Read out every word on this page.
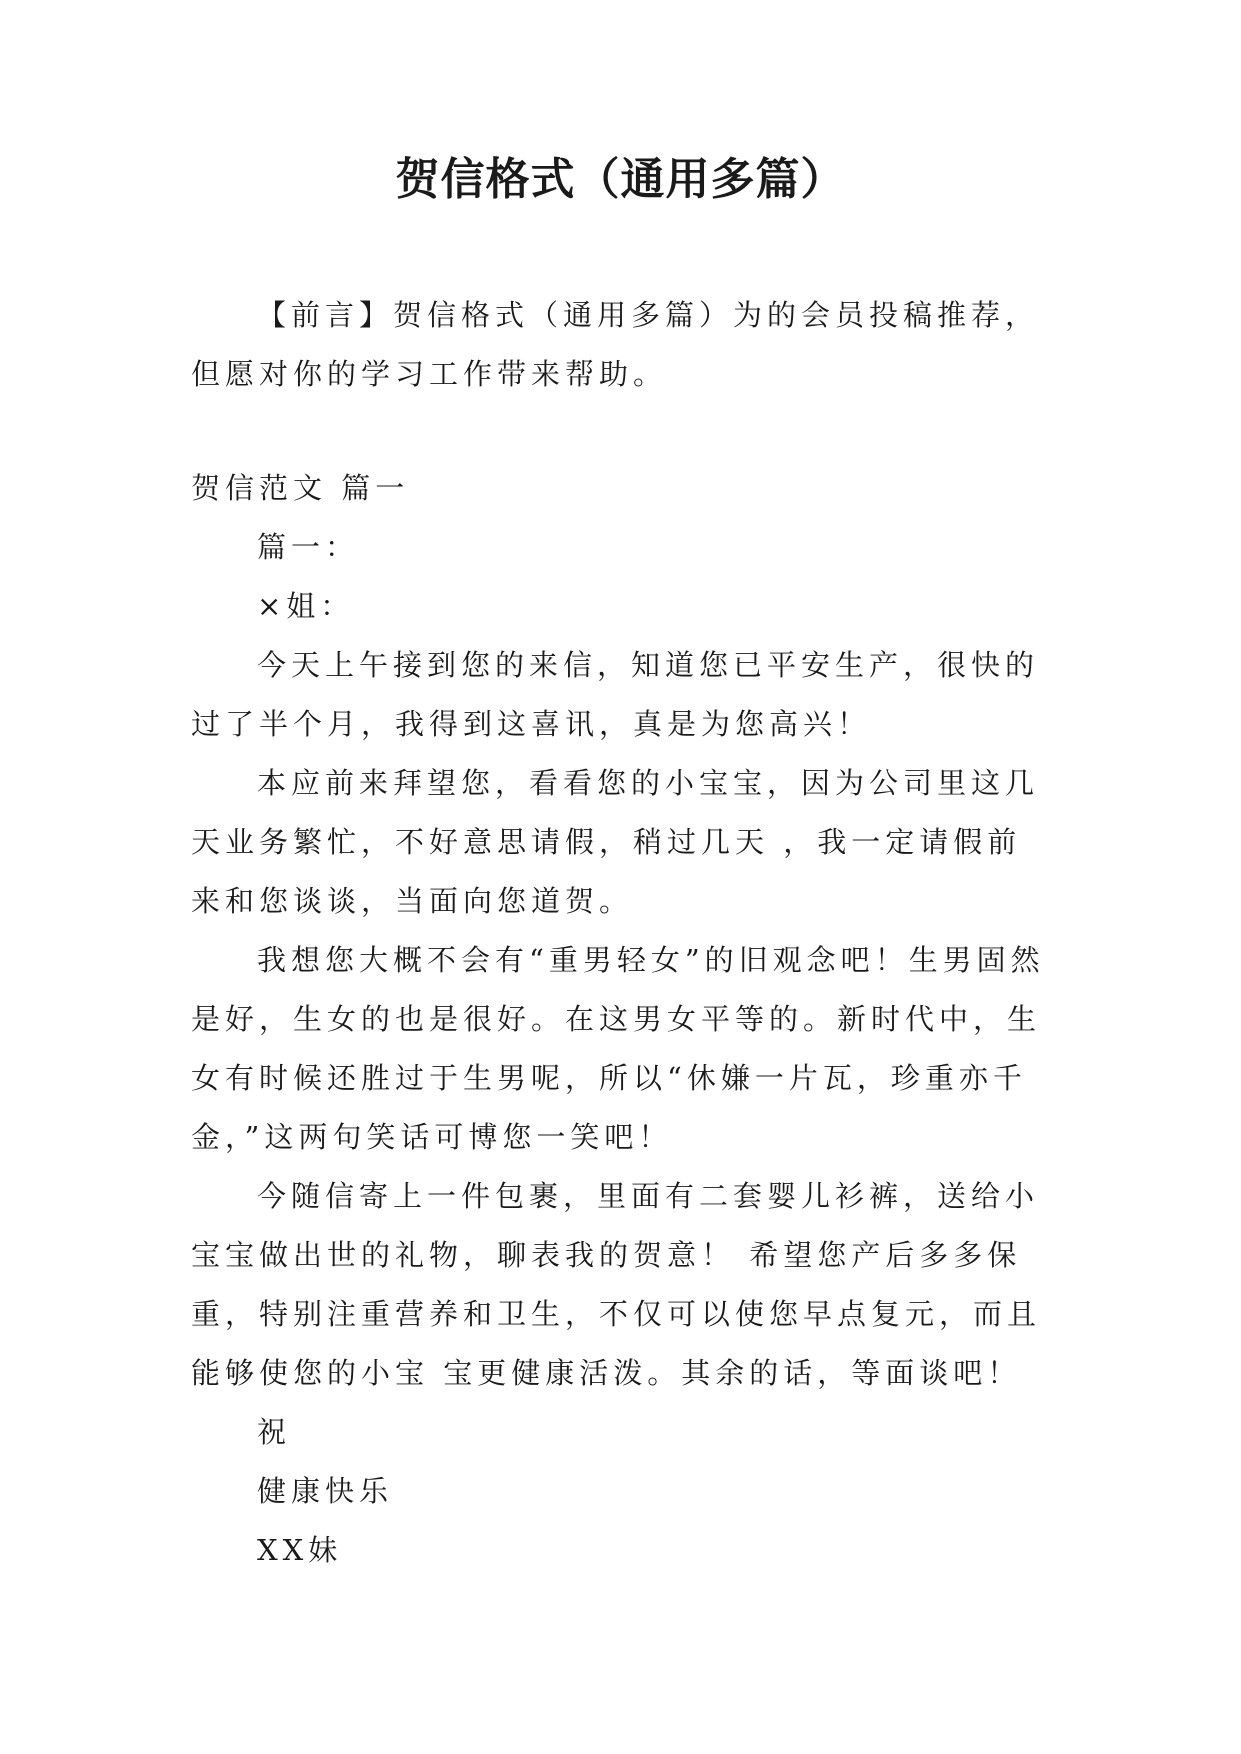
贺信格式（通用多篇）

【前言】贺信格式（通用多篇）为的会员投稿推荐，但愿对你的学习工作带来帮助。

贺信范文 篇一

篇一：

×姐：

今天上午接到您的来信，知道您已平安生产，很快的过了半个月，我得到这喜讯，真是为您高兴！

本应前来拜望您，看看您的小宝宝，因为公司里这几天业务繁忙，不好意思请假，稍过几天 ，我一定请假前来和您谈谈，当面向您道贺。

我想您大概不会有“重男轻女”的旧观念吧！生男固然是好，生女的也是很好。在这男女平等的。新时代中，生女有时候还胜过于生男呢，所以“休嫌一片瓦，珍重亦千金，”这两句笑话可博您一笑吧！

今随信寄上一件包裹，里面有二套婴儿衫裤，送给小宝宝做出世的礼物，聊表我的贺意！ 希望您产后多多保重，特别注重营养和卫生，不仅可以使您早点复元，而且能够使您的小宝 宝更健康活泼。其余的话，等面谈吧！

祝

健康快乐

XX妹
